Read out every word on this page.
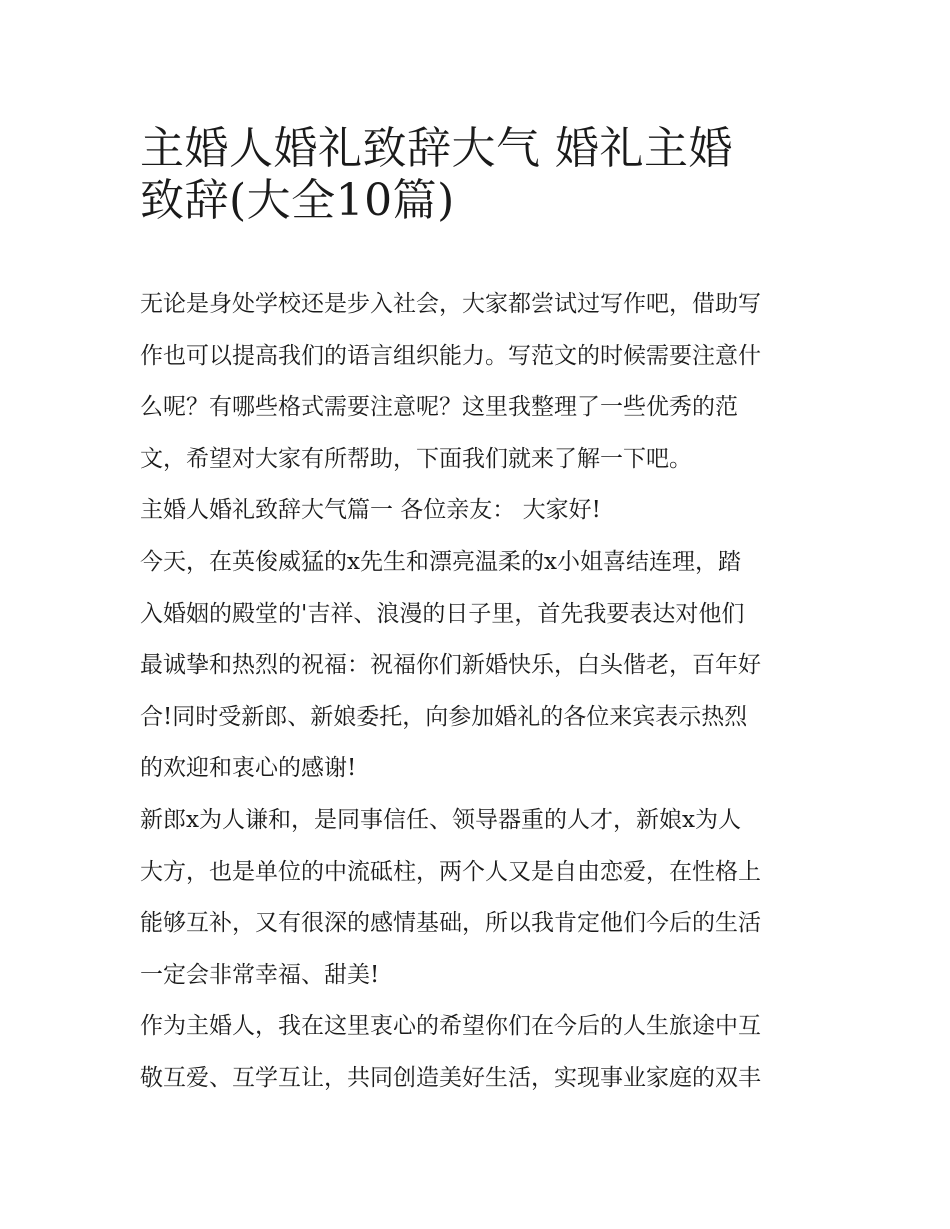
主婚人婚礼致辞大气 婚礼主婚
致辞(大全10篇)
无论是身处学校还是步入社会，大家都尝试过写作吧，借助写
作也可以提高我们的语言组织能力。写范文的时候需要注意什
么呢？有哪些格式需要注意呢？这里我整理了一些优秀的范
文，希望对大家有所帮助，下面我们就来了解一下吧。
主婚人婚礼致辞大气篇一 各位亲友： 大家好!
今天，在英俊威猛的x先生和漂亮温柔的x小姐喜结连理，踏
入婚姻的殿堂的'吉祥、浪漫的日子里，首先我要表达对他们
最诚挚和热烈的祝福：祝福你们新婚快乐，白头偕老，百年好
合!同时受新郎、新娘委托，向参加婚礼的各位来宾表示热烈
的欢迎和衷心的感谢!
新郎x为人谦和，是同事信任、领导器重的人才，新娘x为人
大方，也是单位的中流砥柱，两个人又是自由恋爱，在性格上
能够互补，又有很深的感情基础，所以我肯定他们今后的生活
一定会非常幸福、甜美!
作为主婚人，我在这里衷心的希望你们在今后的人生旅途中互
敬互爱、互学互让，共同创造美好生活，实现事业家庭的双丰
